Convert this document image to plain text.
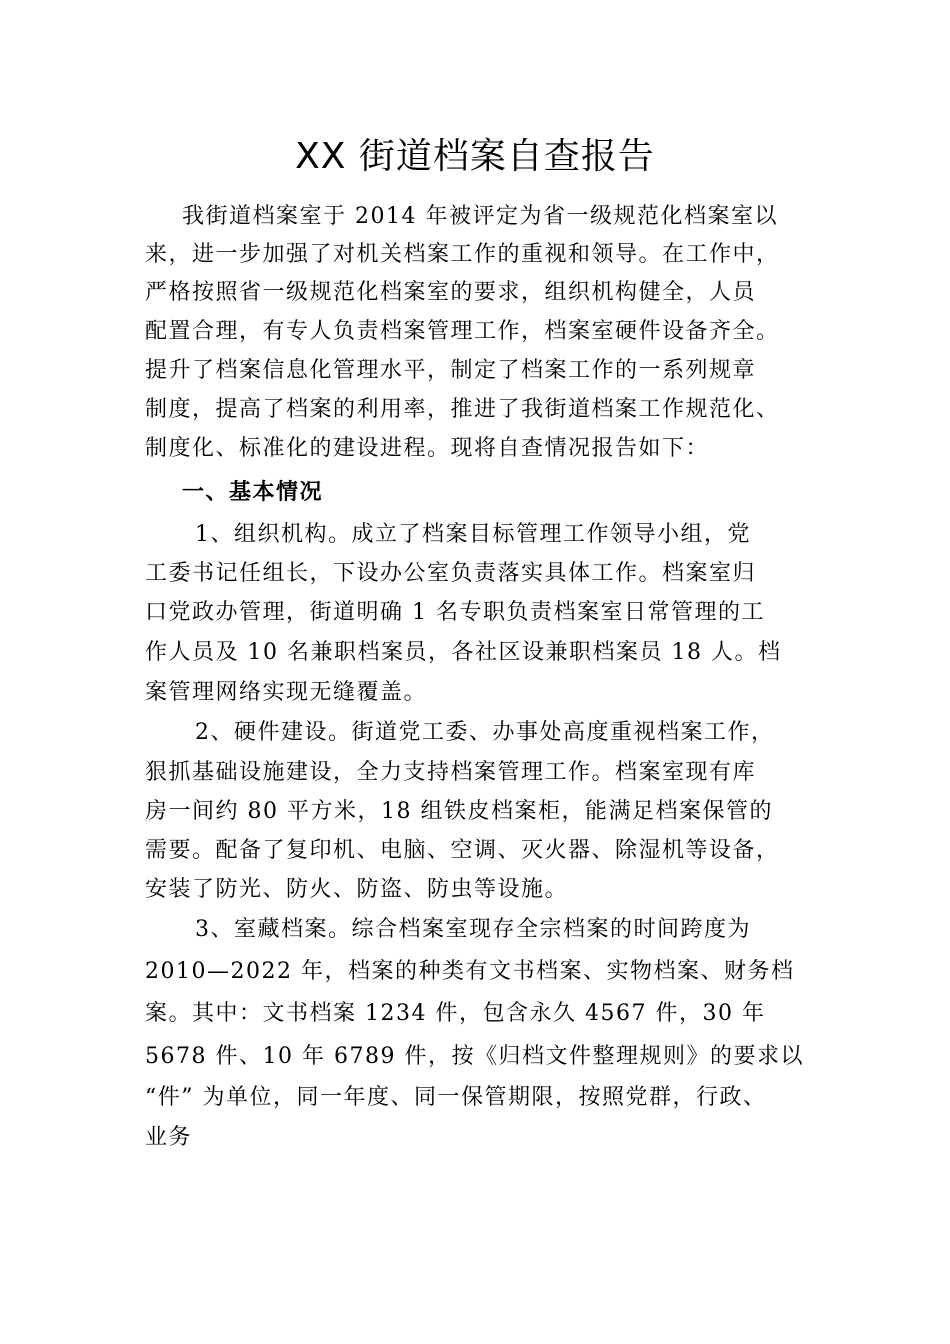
XX 街道档案自查报告
我街道档案室于 2014 年被评定为省一级规范化档案室以
来，进一步加强了对机关档案工作的重视和领导。在工作中，
严格按照省一级规范化档案室的要求，组织机构健全，人员
配置合理，有专人负责档案管理工作，档案室硬件设备齐全。
提升了档案信息化管理水平，制定了档案工作的一系列规章
制度，提高了档案的利用率，推进了我街道档案工作规范化、
制度化、标准化的建设进程。现将自查情况报告如下：
一、基本情况
1、组织机构。成立了档案目标管理工作领导小组，党
工委书记任组长，下设办公室负责落实具体工作。档案室归
口党政办管理，街道明确 1 名专职负责档案室日常管理的工
作人员及 10 名兼职档案员，各社区设兼职档案员 18 人。档
案管理网络实现无缝覆盖。
2、硬件建设。街道党工委、办事处高度重视档案工作，
狠抓基础设施建设，全力支持档案管理工作。档案室现有库
房一间约 80 平方米，18 组铁皮档案柜，能满足档案保管的
需要。配备了复印机、电脑、空调、灭火器、除湿机等设备，
安装了防光、防火、防盗、防虫等设施。
3、室藏档案。综合档案室现存全宗档案的时间跨度为
2010—2022 年，档案的种类有文书档案、实物档案、财务档
案。其中：文书档案 1234 件，包含永久 4567 件，30 年
5678 件、10 年 6789 件，按《归档文件整理规则》的要求以
“件” 为单位，同一年度、同一保管期限，按照党群，行政、
业务
